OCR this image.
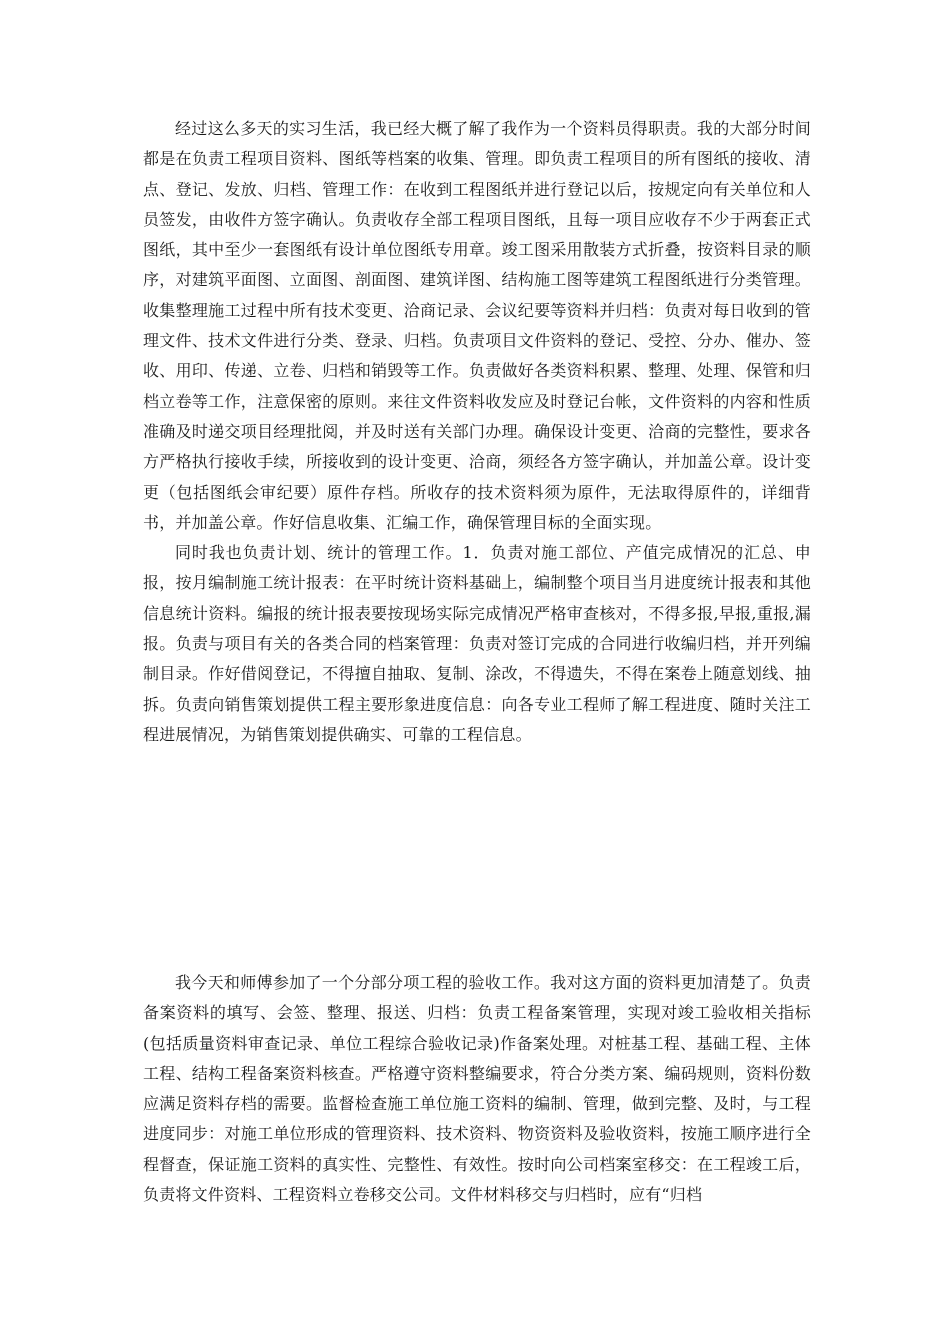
经过这么多天的实习生活，我已经大概了解了我作为一个资料员得职责。我的大部分时间都是在负责工程项目资料、图纸等档案的收集、管理。即负责工程项目的所有图纸的接收、清点、登记、发放、归档、管理工作：在收到工程图纸并进行登记以后，按规定向有关单位和人员签发，由收件方签字确认。负责收存全部工程项目图纸，且每一项目应收存不少于两套正式图纸，其中至少一套图纸有设计单位图纸专用章。竣工图采用散装方式折叠，按资料目录的顺序，对建筑平面图、立面图、剖面图、建筑详图、结构施工图等建筑工程图纸进行分类管理。收集整理施工过程中所有技术变更、洽商记录、会议纪要等资料并归档：负责对每日收到的管理文件、技术文件进行分类、登录、归档。负责项目文件资料的登记、受控、分办、催办、签收、用印、传递、立卷、归档和销毁等工作。负责做好各类资料积累、整理、处理、保管和归档立卷等工作，注意保密的原则。来往文件资料收发应及时登记台帐，文件资料的内容和性质准确及时递交项目经理批阅，并及时送有关部门办理。确保设计变更、洽商的完整性，要求各方严格执行接收手续，所接收到的设计变更、洽商，须经各方签字确认，并加盖公章。设计变更（包括图纸会审纪要）原件存档。所收存的技术资料须为原件，无法取得原件的，详细背书，并加盖公章。作好信息收集、汇编工作，确保管理目标的全面实现。

同时我也负责计划、统计的管理工作。1．负责对施工部位、产值完成情况的汇总、申报，按月编制施工统计报表：在平时统计资料基础上，编制整个项目当月进度统计报表和其他信息统计资料。编报的统计报表要按现场实际完成情况严格审查核对，不得多报,早报,重报,漏报。负责与项目有关的各类合同的档案管理：负责对签订完成的合同进行收编归档，并开列编制目录。作好借阅登记，不得擅自抽取、复制、涂改，不得遗失，不得在案卷上随意划线、抽拆。负责向销售策划提供工程主要形象进度信息：向各专业工程师了解工程进度、随时关注工程进展情况，为销售策划提供确实、可靠的工程信息。

我今天和师傅参加了一个分部分项工程的验收工作。我对这方面的资料更加清楚了。负责备案资料的填写、会签、整理、报送、归档：负责工程备案管理，实现对竣工验收相关指标(包括质量资料审查记录、单位工程综合验收记录)作备案处理。对桩基工程、基础工程、主体工程、结构工程备案资料核查。严格遵守资料整编要求，符合分类方案、编码规则，资料份数应满足资料存档的需要。监督检查施工单位施工资料的编制、管理，做到完整、及时，与工程进度同步：对施工单位形成的管理资料、技术资料、物资资料及验收资料，按施工顺序进行全程督查，保证施工资料的真实性、完整性、有效性。按时向公司档案室移交：在工程竣工后，负责将文件资料、工程资料立卷移交公司。文件材料移交与归档时，应有“归档
